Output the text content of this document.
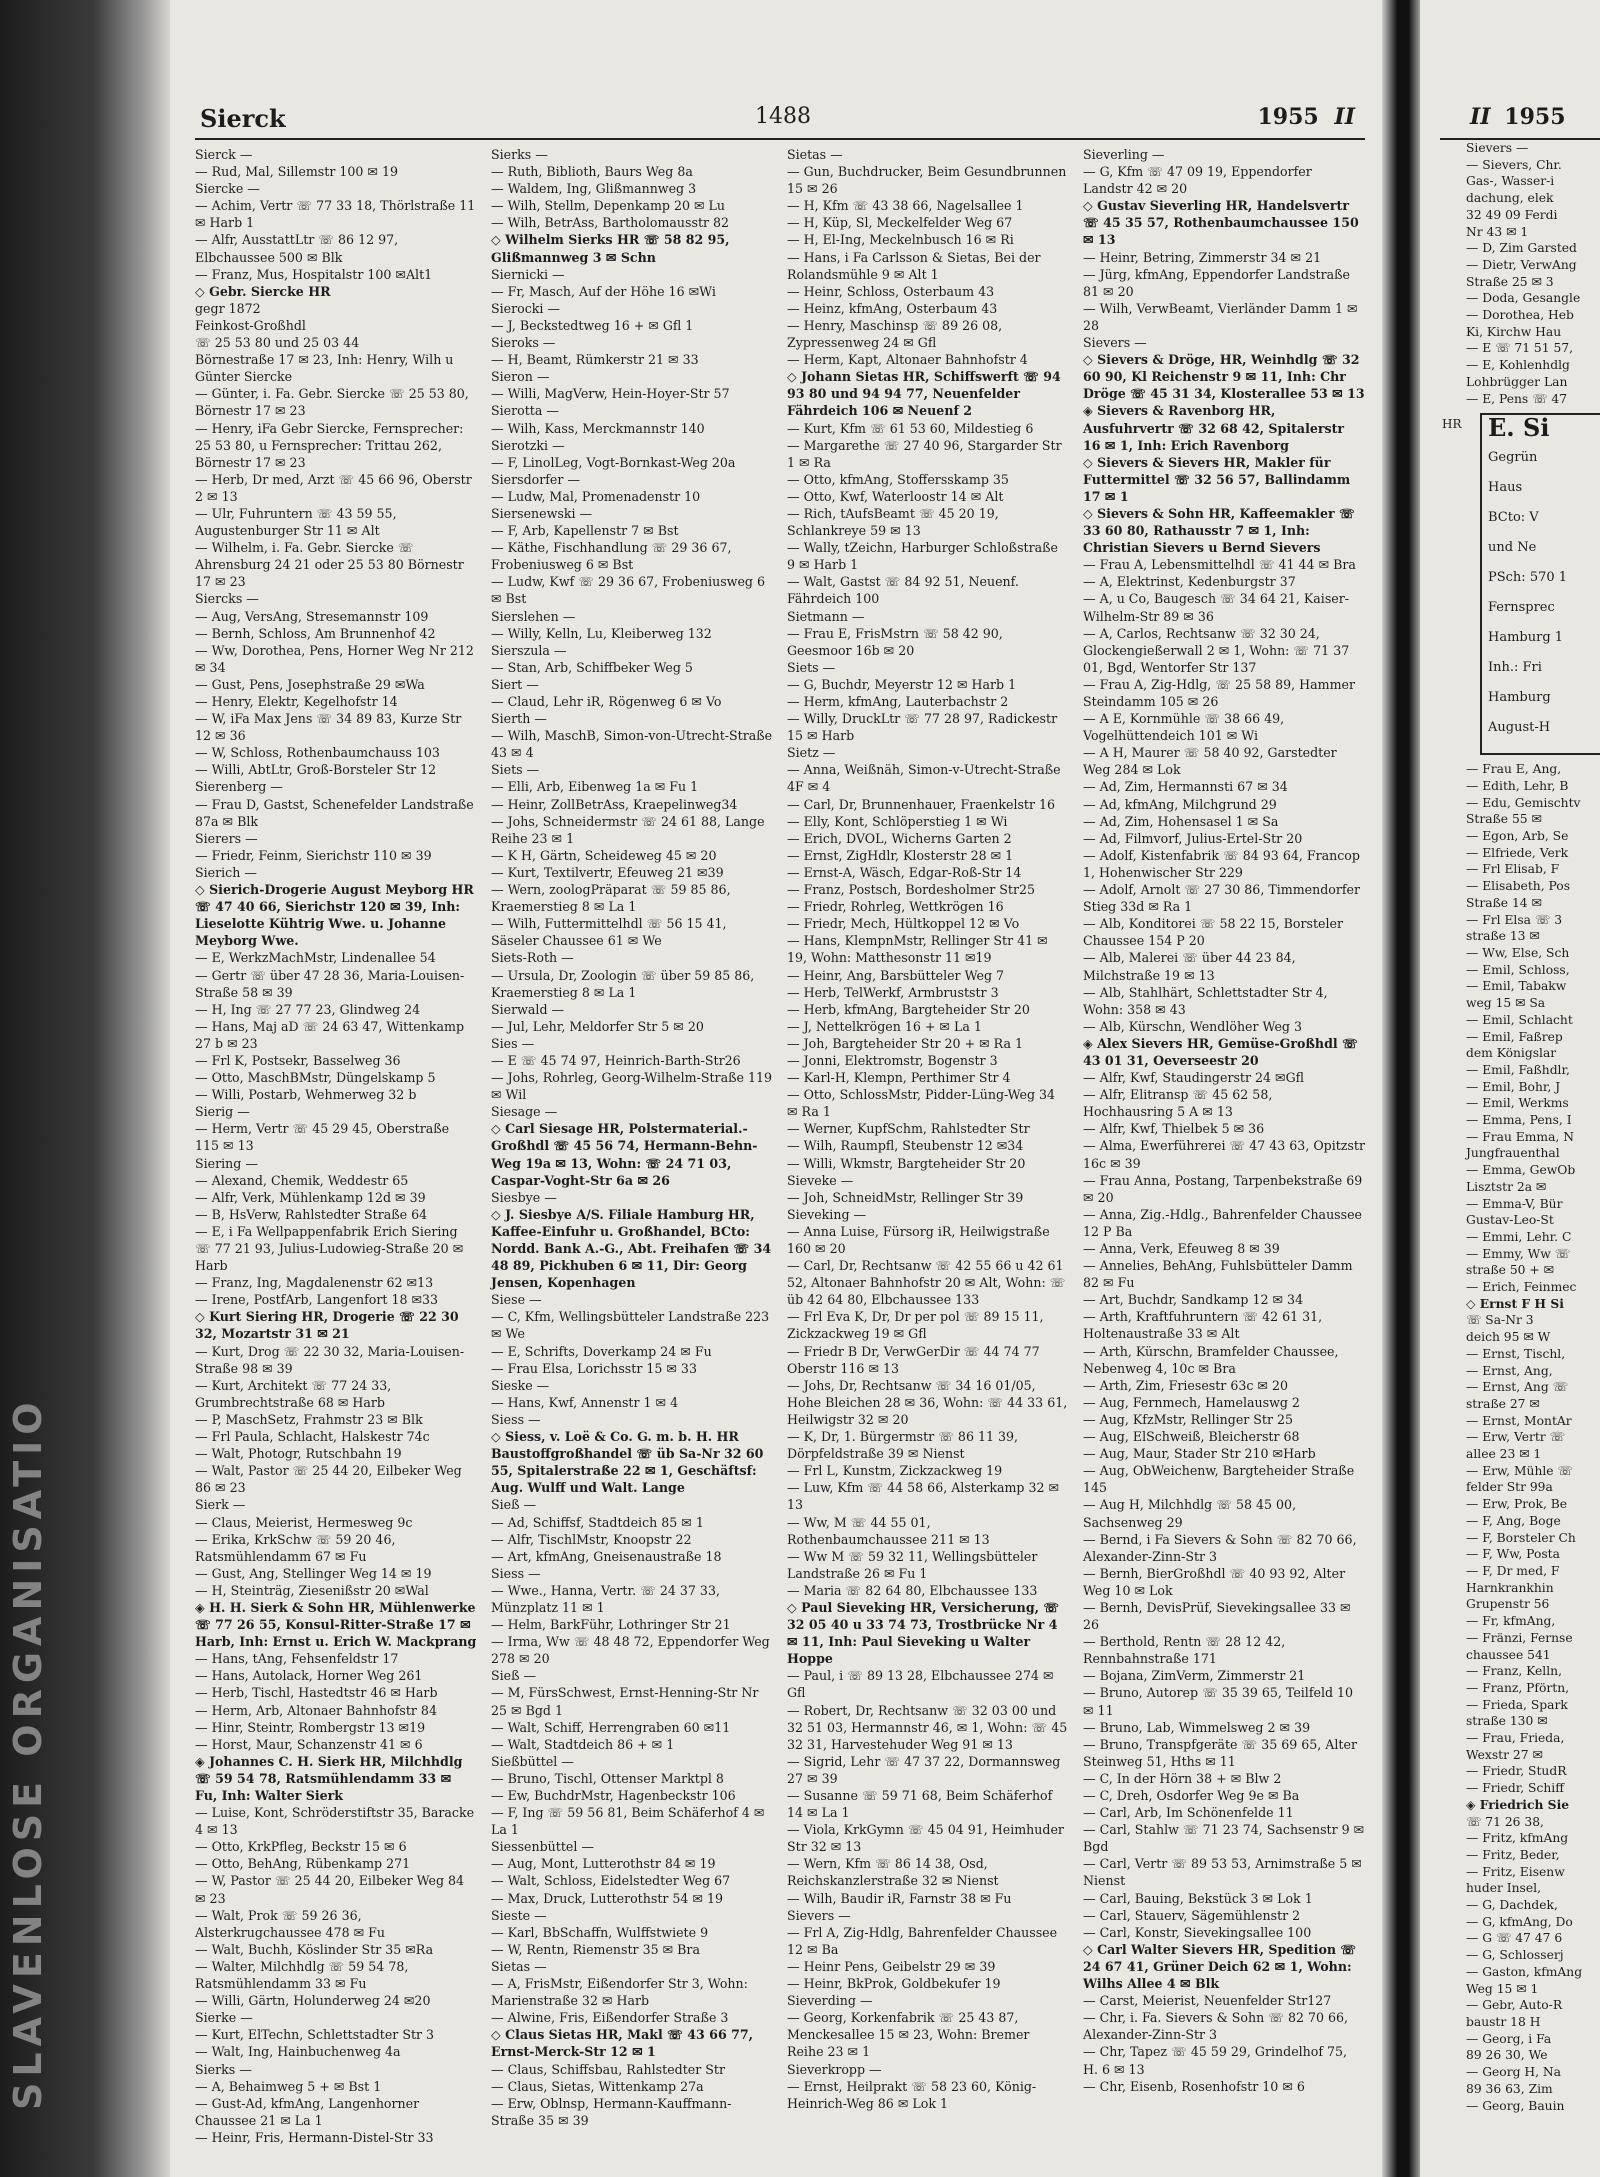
SLAVENLOSE ORGANISATIO
Sierck	1488	1955 II

Sierck —

— Rud, Mal, Sillemstr 100 ✉ 19

Siercke —

— Achim, Vertr ☏ 77 33 18, Thörlstraße 11 ✉ Harb 1

— Alfr, AusstattLtr ☏ 86 12 97, Elbchaussee 500 ✉ Blk

— Franz, Mus, Hospitalstr 100 ✉Alt1

◇ Gebr. Siercke HR

gegr 1872

Feinkost-Großhdl

☏ 25 53 80 und 25 03 44

Börnestraße 17 ✉ 23, Inh: Henry, Wilh u Günter Siercke

— Günter, i. Fa. Gebr. Siercke ☏ 25 53 80, Börnestr 17 ✉ 23

— Henry, iFa Gebr Siercke, Fernsprecher: 25 53 80, u Fernsprecher: Trittau 262, Börnestr 17 ✉ 23

— Herb, Dr med, Arzt ☏ 45 66 96, Oberstr 2 ✉ 13

— Ulr, Fuhruntern ☏ 43 59 55, Augustenburger Str 11 ✉ Alt

— Wilhelm, i. Fa. Gebr. Siercke ☏ Ahrensburg 24 21 oder 25 53 80 Börnestr 17 ✉ 23

Siercks —

— Aug, VersAng, Stresemannstr 109

— Bernh, Schloss, Am Brunnenhof 42

— Ww, Dorothea, Pens, Horner Weg Nr 212 ✉ 34

— Gust, Pens, Josephstraße 29 ✉Wa

— Henry, Elektr, Kegelhofstr 14

— W, iFa Max Jens ☏ 34 89 83, Kurze Str 12 ✉ 36

— W, Schloss, Rothenbaumchauss 103

— Willi, AbtLtr, Groß-Borsteler Str 12

Sierenberg —

— Frau D, Gastst, Schenefelder Landstraße 87a ✉ Blk

Sierers —

— Friedr, Feinm, Sierichstr 110 ✉ 39

Sierich —

◇ Sierich-Drogerie August Meyborg HR ☏ 47 40 66, Sierichstr 120 ✉ 39, Inh: Lieselotte Kühtrig Wwe. u. Johanne Meyborg Wwe.

— E, WerkzMachMstr, Lindenallee 54

— Gertr ☏ über 47 28 36, Maria-Louisen-Straße 58 ✉ 39

— H, Ing ☏ 27 77 23, Glindweg 24

— Hans, Maj aD ☏ 24 63 47, Wittenkamp 27 b ✉ 23

— Frl K, Postsekr, Basselweg 36

— Otto, MaschBMstr, Düngelskamp 5

— Willi, Postarb, Wehmerweg 32 b

Sierig —

— Herm, Vertr ☏ 45 29 45, Oberstraße 115 ✉ 13

Siering —

— Alexand, Chemik, Weddestr 65

— Alfr, Verk, Mühlenkamp 12d ✉ 39

— B, HsVerw, Rahlstedter Straße 64

— E, i Fa Wellpappenfabrik Erich Siering ☏ 77 21 93, Julius-Ludowieg-Straße 20 ✉ Harb

— Franz, Ing, Magdalenenstr 62 ✉13

— Irene, PostfArb, Langenfort 18 ✉33

◇ Kurt Siering HR, Drogerie ☏ 22 30 32, Mozartstr 31 ✉ 21

— Kurt, Drog ☏ 22 30 32, Maria-Louisen-Straße 98 ✉ 39

— Kurt, Architekt ☏ 77 24 33, Grumbrechtstraße 68 ✉ Harb

— P, MaschSetz, Frahmstr 23 ✉ Blk

— Frl Paula, Schlacht, Halskestr 74c

— Walt, Photogr, Rutschbahn 19

— Walt, Pastor ☏ 25 44 20, Eilbeker Weg 86 ✉ 23

Sierk —

— Claus, Meierist, Hermesweg 9c

— Erika, KrkSchw ☏ 59 20 46, Ratsmühlendamm 67 ✉ Fu

— Gust, Ang, Stellinger Weg 14 ✉ 19

— H, Steinträg, Ziesenißstr 20 ✉Wal

◈ H. H. Sierk & Sohn HR, Mühlenwerke ☏ 77 26 55, Konsul-Ritter-Straße 17 ✉ Harb, Inh: Ernst u. Erich W. Mackprang

— Hans, tAng, Fehsenfeldstr 17

— Hans, Autolack, Horner Weg 261

— Herb, Tischl, Hastedtstr 46 ✉ Harb

— Herm, Arb, Altonaer Bahnhofstr 84

— Hinr, Steintr, Rombergstr 13 ✉19

— Horst, Maur, Schanzenstr 41 ✉ 6

◈ Johannes C. H. Sierk HR, Milchhdlg ☏ 59 54 78, Ratsmühlendamm 33 ✉ Fu, Inh: Walter Sierk

— Luise, Kont, Schröderstiftstr 35, Baracke 4 ✉ 13

— Otto, KrkPfleg, Beckstr 15 ✉ 6

— Otto, BehAng, Rübenkamp 271

— W, Pastor ☏ 25 44 20, Eilbeker Weg 84 ✉ 23

— Walt, Prok ☏ 59 26 36, Alsterkrugchaussee 478 ✉ Fu

— Walt, Buchh, Köslinder Str 35 ✉Ra

— Walter, Milchhdlg ☏ 59 54 78, Ratsmühlendamm 33 ✉ Fu

— Willi, Gärtn, Holunderweg 24 ✉20

Sierke —

— Kurt, ElTechn, Schlettstadter Str 3

— Walt, Ing, Hainbuchenweg 4a

Sierks —

— A, Behaimweg 5 + ✉ Bst 1

— Gust-Ad, kfmAng, Langenhorner Chaussee 21 ✉ La 1

— Heinr, Fris, Hermann-Distel-Str 33

Sierks —

— Ruth, Biblioth, Baurs Weg 8a

— Waldem, Ing, Glißmannweg 3

— Wilh, Stellm, Depenkamp 20 ✉ Lu

— Wilh, BetrAss, Bartholomausstr 82

◇ Wilhelm Sierks HR ☏ 58 82 95, Glißmannweg 3 ✉ Schn

Siernicki —

— Fr, Masch, Auf der Höhe 16 ✉Wi

Sierocki —

— J, Beckstedtweg 16 + ✉ Gfl 1

Sieroks —

— H, Beamt, Rümkerstr 21 ✉ 33

Sieron —

— Willi, MagVerw, Hein-Hoyer-Str 57

Sierotta —

— Wilh, Kass, Merckmannstr 140

Sierotzki —

— F, LinolLeg, Vogt-Bornkast-Weg 20a

Siersdorfer —

— Ludw, Mal, Promenadenstr 10

Siersenewski —

— F, Arb, Kapellenstr 7 ✉ Bst

— Käthe, Fischhandlung ☏ 29 36 67, Frobeniusweg 6 ✉ Bst

— Ludw, Kwf ☏ 29 36 67, Frobeniusweg 6 ✉ Bst

Sierslehen —

— Willy, Kelln, Lu, Kleiberweg 132

Sierszula —

— Stan, Arb, Schiffbeker Weg 5

Siert —

— Claud, Lehr iR, Rögenweg 6 ✉ Vo

Sierth —

— Wilh, MaschB, Simon-von-Utrecht-Straße 43 ✉ 4

Siets —

— Elli, Arb, Eibenweg 1a ✉ Fu 1

— Heinr, ZollBetrAss, Kraepelinweg34

— Johs, Schneidermstr ☏ 24 61 88, Lange Reihe 23 ✉ 1

— K H, Gärtn, Scheideweg 45 ✉ 20

— Kurt, Textilvertr, Efeuweg 21 ✉39

— Wern, zoologPräparat ☏ 59 85 86, Kraemerstieg 8 ✉ La 1

— Wilh, Futtermittelhdl ☏ 56 15 41, Säseler Chaussee 61 ✉ We

Siets-Roth —

— Ursula, Dr, Zoologin ☏ über 59 85 86, Kraemerstieg 8 ✉ La 1

Sierwald —

— Jul, Lehr, Meldorfer Str 5 ✉ 20

Sies —

— E ☏ 45 74 97, Heinrich-Barth-Str26

— Johs, Rohrleg, Georg-Wilhelm-Straße 119 ✉ Wil

Siesage —

◇ Carl Siesage HR, Polstermaterial.-Großhdl ☏ 45 56 74, Hermann-Behn-Weg 19a ✉ 13, Wohn: ☏ 24 71 03, Caspar-Voght-Str 6a ✉ 26

Siesbye —

◇ J. Siesbye A/S. Filiale Hamburg HR, Kaffee-Einfuhr u. Großhandel, BCto: Nordd. Bank A.-G., Abt. Freihafen ☏ 34 48 89, Pickhuben 6 ✉ 11, Dir: Georg Jensen, Kopenhagen

Siese —

— C, Kfm, Wellingsbütteler Landstraße 223 ✉ We

— E, Schrifts, Doverkamp 24 ✉ Fu

— Frau Elsa, Lorichsstr 15 ✉ 33

Sieske —

— Hans, Kwf, Annenstr 1 ✉ 4

Siess —

◇ Siess, v. Loë & Co. G. m. b. H. HR Baustoffgroßhandel ☏ üb Sa-Nr 32 60 55, Spitalerstraße 22 ✉ 1, Geschäftsf: Aug. Wulff und Walt. Lange

Sieß —

— Ad, Schiffsf, Stadtdeich 85 ✉ 1

— Alfr, TischlMstr, Knoopstr 22

— Art, kfmAng, Gneisenaustraße 18

Siess —

— Wwe., Hanna, Vertr. ☏ 24 37 33, Münzplatz 11 ✉ 1

— Helm, BarkFühr, Lothringer Str 21

— Irma, Ww ☏ 48 48 72, Eppendorfer Weg 278 ✉ 20

Sieß —

— M, FürsSchwest, Ernst-Henning-Str Nr 25 ✉ Bgd 1

— Walt, Schiff, Herrengraben 60 ✉11

— Walt, Stadtdeich 86 + ✉ 1

Sießbüttel —

— Bruno, Tischl, Ottenser Marktpl 8

— Ew, BuchdrMstr, Hagenbeckstr 106

— F, Ing ☏ 59 56 81, Beim Schäferhof 4 ✉ La 1

Siessenbüttel —

— Aug, Mont, Lutterothstr 84 ✉ 19

— Walt, Schloss, Eidelstedter Weg 67

— Max, Druck, Lutterothstr 54 ✉ 19

Sieste —

— Karl, BbSchaffn, Wulffstwiete 9

— W, Rentn, Riemenstr 35 ✉ Bra

Sietas —

— A, FrisMstr, Eißendorfer Str 3, Wohn: Marienstraße 32 ✉ Harb

— Alwine, Fris, Eißendorfer Straße 3

◇ Claus Sietas HR, Makl ☏ 43 66 77, Ernst-Merck-Str 12 ✉ 1

— Claus, Schiffsbau, Rahlstedter Str

— Claus, Sietas, Wittenkamp 27a

— Erw, Oblnsp, Hermann-Kauffmann-Straße 35 ✉ 39

Sietas —

— Gun, Buchdrucker, Beim Gesundbrunnen 15 ✉ 26

— H, Kfm ☏ 43 38 66, Nagelsallee 1

— H, Küp, Sl, Meckelfelder Weg 67

— H, El-Ing, Meckelnbusch 16 ✉ Ri

— Hans, i Fa Carlsson & Sietas, Bei der Rolandsmühle 9 ✉ Alt 1

— Heinr, Schloss, Osterbaum 43

— Heinz, kfmAng, Osterbaum 43

— Henry, Maschinsp ☏ 89 26 08, Zypressenweg 24 ✉ Gfl

— Herm, Kapt, Altonaer Bahnhofstr 4

◇ Johann Sietas HR, Schiffswerft ☏ 94 93 80 und 94 94 77, Neuenfelder Fährdeich 106 ✉ Neuenf 2

— Kurt, Kfm ☏ 61 53 60, Mildestieg 6

— Margarethe ☏ 27 40 96, Stargarder Str 1 ✉ Ra

— Otto, kfmAng, Stoffersskamp 35

— Otto, Kwf, Waterloostr 14 ✉ Alt

— Rich, tAufsBeamt ☏ 45 20 19, Schlankreye 59 ✉ 13

— Wally, tZeichn, Harburger Schloßstraße 9 ✉ Harb 1

— Walt, Gastst ☏ 84 92 51, Neuenf. Fährdeich 100

Sietmann —

— Frau E, FrisMstrn ☏ 58 42 90, Geesmoor 16b ✉ 20

Siets —

— G, Buchdr, Meyerstr 12 ✉ Harb 1

— Herm, kfmAng, Lauterbachstr 2

— Willy, DruckLtr ☏ 77 28 97, Radickestr 15 ✉ Harb

Sietz —

— Anna, Weißnäh, Simon-v-Utrecht-Straße 4F ✉ 4

— Carl, Dr, Brunnenhauer, Fraenkelstr 16

— Elly, Kont, Schlöperstieg 1 ✉ Wi

— Erich, DVOL, Wicherns Garten 2

— Ernst, ZigHdlr, Klosterstr 28 ✉ 1

— Ernst-A, Wäsch, Edgar-Roß-Str 14

— Franz, Postsch, Bordesholmer Str25

— Friedr, Rohrleg, Wettkrögen 16

— Friedr, Mech, Hültkoppel 12 ✉ Vo

— Hans, KlempnMstr, Rellinger Str 41 ✉ 19, Wohn: Matthesonstr 11 ✉19

— Heinr, Ang, Barsbütteler Weg 7

— Herb, TelWerkf, Armbruststr 3

— Herb, kfmAng, Bargteheider Str 20

— J, Nettelkrögen 16 + ✉ La 1

— Joh, Bargteheider Str 20 + ✉ Ra 1

— Jonni, Elektromstr, Bogenstr 3

— Karl-H, Klempn, Perthimer Str 4

— Otto, SchlossMstr, Pidder-Lüng-Weg 34 ✉ Ra 1

— Werner, KupfSchm, Rahlstedter Str

— Wilh, Raumpfl, Steubenstr 12 ✉34

— Willi, Wkmstr, Bargteheider Str 20

Sieveke —

— Joh, SchneidMstr, Rellinger Str 39

Sieveking —

— Anna Luise, Fürsorg iR, Heilwigstraße 160 ✉ 20

— Carl, Dr, Rechtsanw ☏ 42 55 66 u 42 61 52, Altonaer Bahnhofstr 20 ✉ Alt, Wohn: ☏ üb 42 64 80, Elbchaussee 133

— Frl Eva K, Dr, Dr per pol ☏ 89 15 11, Zickzackweg 19 ✉ Gfl

— Friedr B Dr, VerwGerDir ☏ 44 74 77 Oberstr 116 ✉ 13

— Johs, Dr, Rechtsanw ☏ 34 16 01/05, Hohe Bleichen 28 ✉ 36, Wohn: ☏ 44 33 61, Heilwigstr 32 ✉ 20

— K, Dr, 1. Bürgermstr ☏ 86 11 39, Dörpfeldstraße 39 ✉ Nienst

— Frl L, Kunstm, Zickzackweg 19

— Luw, Kfm ☏ 44 58 66, Alsterkamp 32 ✉ 13

— Ww, M ☏ 44 55 01, Rothenbaumchaussee 211 ✉ 13

— Ww M ☏ 59 32 11, Wellingsbütteler Landstraße 26 ✉ Fu 1

— Maria ☏ 82 64 80, Elbchaussee 133

◇ Paul Sieveking HR, Versicherung, ☏ 32 05 40 u 33 74 73, Trostbrücke Nr 4 ✉ 11, Inh: Paul Sieveking u Walter Hoppe

— Paul, i ☏ 89 13 28, Elbchaussee 274 ✉ Gfl

— Robert, Dr, Rechtsanw ☏ 32 03 00 und 32 51 03, Hermannstr 46, ✉ 1, Wohn: ☏ 45 32 31, Harvestehuder Weg 91 ✉ 13

— Sigrid, Lehr ☏ 47 37 22, Dormannsweg 27 ✉ 39

— Susanne ☏ 59 71 68, Beim Schäferhof 14 ✉ La 1

— Viola, KrkGymn ☏ 45 04 91, Heimhuder Str 32 ✉ 13

— Wern, Kfm ☏ 86 14 38, Osd, Reichskanzlerstraße 32 ✉ Nienst

— Wilh, Baudir iR, Farnstr 38 ✉ Fu

Sievers —

— Frl A, Zig-Hdlg, Bahrenfelder Chaussee 12 ✉ Ba

— Heinr Pens, Geibelstr 29 ✉ 39

— Heinr, BkProk, Goldbekufer 19

Sieverding —

— Georg, Korkenfabrik ☏ 25 43 87, Menckesallee 15 ✉ 23, Wohn: Bremer Reihe 23 ✉ 1

Sieverkropp —

— Ernst, Heilprakt ☏ 58 23 60, König-Heinrich-Weg 86 ✉ Lok 1

Sieverling —

— G, Kfm ☏ 47 09 19, Eppendorfer Landstr 42 ✉ 20

◇ Gustav Sieverling HR, Handelsvertr ☏ 45 35 57, Rothenbaumchaussee 150 ✉ 13

— Heinr, Betring, Zimmerstr 34 ✉ 21

— Jürg, kfmAng, Eppendorfer Landstraße 81 ✉ 20

— Wilh, VerwBeamt, Vierländer Damm 1 ✉ 28

Sievers —

◇ Sievers & Dröge, HR, Weinhdlg ☏ 32 60 90, Kl Reichenstr 9 ✉ 11, Inh: Chr Dröge ☏ 45 31 34, Klosterallee 53 ✉ 13

◈ Sievers & Ravenborg HR, Ausfuhrvertr ☏ 32 68 42, Spitalerstr 16 ✉ 1, Inh: Erich Ravenborg

◇ Sievers & Sievers HR, Makler für Futtermittel ☏ 32 56 57, Ballindamm 17 ✉ 1

◇ Sievers & Sohn HR, Kaffeemakler ☏ 33 60 80, Rathausstr 7 ✉ 1, Inh: Christian Sievers u Bernd Sievers

— Frau A, Lebensmittelhdl ☏ 41 44 ✉ Bra

— A, Elektrinst, Kedenburgstr 37

— A, u Co, Baugesch ☏ 34 64 21, Kaiser-Wilhelm-Str 89 ✉ 36

— A, Carlos, Rechtsanw ☏ 32 30 24, Glockengießerwall 2 ✉ 1, Wohn: ☏ 71 37 01, Bgd, Wentorfer Str 137

— Frau A, Zig-Hdlg, ☏ 25 58 89, Hammer Steindamm 105 ✉ 26

— A E, Kornmühle ☏ 38 66 49, Vogelhüttendeich 101 ✉ Wi

— A H, Maurer ☏ 58 40 92, Garstedter Weg 284 ✉ Lok

— Ad, Zim, Hermannsti 67 ✉ 34

— Ad, kfmAng, Milchgrund 29

— Ad, Zim, Hohensasel 1 ✉ Sa

— Ad, Filmvorf, Julius-Ertel-Str 20

— Adolf, Kistenfabrik ☏ 84 93 64, Francop 1, Hohenwischer Str 229

— Adolf, Arnolt ☏ 27 30 86, Timmendorfer Stieg 33d ✉ Ra 1

— Alb, Konditorei ☏ 58 22 15, Borsteler Chaussee 154 P 20

— Alb, Malerei ☏ über 44 23 84, Milchstraße 19 ✉ 13

— Alb, Stahlhärt, Schlettstadter Str 4, Wohn: 358 ✉ 43

— Alb, Kürschn, Wendlöher Weg 3

◈ Alex Sievers HR, Gemüse-Großhdl ☏ 43 01 31, Oeverseestr 20

— Alfr, Kwf, Staudingerstr 24 ✉Gfl

— Alfr, Elitransp ☏ 45 62 58, Hochhausring 5 A ✉ 13

— Alfr, Kwf, Thielbek 5 ✉ 36

— Alma, Ewerführerei ☏ 47 43 63, Opitzstr 16c ✉ 39

— Frau Anna, Postang, Tarpenbekstraße 69 ✉ 20

— Anna, Zig.-Hdlg., Bahrenfelder Chaussee 12 P Ba

— Anna, Verk, Efeuweg 8 ✉ 39

— Annelies, BehAng, Fuhlsbütteler Damm 82 ✉ Fu

— Art, Buchdr, Sandkamp 12 ✉ 34

— Arth, Kraftfuhruntern ☏ 42 61 31, Holtenaustraße 33 ✉ Alt

— Arth, Kürschn, Bramfelder Chaussee, Nebenweg 4, 10c ✉ Bra

— Arth, Zim, Friesestr 63c ✉ 20

— Aug, Fernmech, Hamelauswg 2

— Aug, KfzMstr, Rellinger Str 25

— Aug, ElSchweiß, Bleicherstr 68

— Aug, Maur, Stader Str 210 ✉Harb

— Aug, ObWeichenw, Bargteheider Straße 145

— Aug H, Milchhdlg ☏ 58 45 00, Sachsenweg 29

— Bernd, i Fa Sievers & Sohn ☏ 82 70 66, Alexander-Zinn-Str 3

— Bernh, BierGroßhdl ☏ 40 93 92, Alter Weg 10 ✉ Lok

— Bernh, DevisPrüf, Sievekingsallee 33 ✉ 26

— Berthold, Rentn ☏ 28 12 42, Rennbahnstraße 171

— Bojana, ZimVerm, Zimmerstr 21

— Bruno, Autorep ☏ 35 39 65, Teilfeld 10 ✉ 11

— Bruno, Lab, Wimmelsweg 2 ✉ 39

— Bruno, Transpfgeräte ☏ 35 69 65, Alter Steinweg 51, Hths ✉ 11

— C, In der Hörn 38 + ✉ Blw 2

— C, Dreh, Osdorfer Weg 9e ✉ Ba

— Carl, Arb, Im Schönenfelde 11

— Carl, Stahlw ☏ 71 23 74, Sachsenstr 9 ✉ Bgd

— Carl, Vertr ☏ 89 53 53, Arnimstraße 5 ✉ Nienst

— Carl, Bauing, Bekstück 3 ✉ Lok 1

— Carl, Stauerv, Sägemühlenstr 2

— Carl, Konstr, Sievekingsallee 100

◇ Carl Walter Sievers HR, Spedition ☏ 24 67 41, Grüner Deich 62 ✉ 1, Wohn: Wilhs Allee 4 ✉ Blk

— Carst, Meierist, Neuenfelder Str127

— Chr, i. Fa. Sievers & Sohn ☏ 82 70 66, Alexander-Zinn-Str 3

— Chr, Tapez ☏ 45 59 29, Grindelhof 75, H. 6 ✉ 13

— Chr, Eisenb, Rosenhofstr 10 ✉ 6

II 1955

Sievers —

— Sievers, Chr.

Gas-, Wasser-i

dachung, elek

32 49 09 Ferdi

Nr 43 ✉ 1

— D, Zim Garsted

— Dietr, VerwAng

Straße 25 ✉ 3

— Doda, Gesangle

— Dorothea, Heb

Ki, Kirchw Hau

— E ☏ 71 51 57,

— E, Kohlenhdlg

Lohbrügger Lan

— E, Pens ☏ 47

HR E. Si

Gegrün

Haus

BCto: V

und Ne

PSch: 570 1

Fernsprec

Hamburg 1

Inh.: Fri

Hamburg

August-H

— Frau E, Ang,

— Edith, Lehr, B

— Edu, Gemischtv

Straße 55 ✉

— Egon, Arb, Se

— Elfriede, Verk

— Frl Elisab, F

— Elisabeth, Pos

Straße 14 ✉

— Frl Elsa ☏ 3

straße 13 ✉

— Ww, Else, Sch

— Emil, Schloss,

— Emil, Tabakw

weg 15 ✉ Sa

— Emil, Schlacht

— Emil, Faßrep

dem Königslar

— Emil, Faßhdlr,

— Emil, Bohr, J

— Emil, Werkms

— Emma, Pens, I

— Frau Emma, N

Jungfrauenthal

— Emma, GewOb

Lisztstr 2a ✉

— Emma-V, Bür

Gustav-Leo-St

— Emmi, Lehr. C

— Emmy, Ww ☏

straße 50 + ✉

— Erich, Feinmec

◇ Ernst F H Si

☏ Sa-Nr 3

deich 95 ✉ W

— Ernst, Tischl,

— Ernst, Ang,

— Ernst, Ang ☏

straße 27 ✉

— Ernst, MontAr

— Erw, Vertr ☏

allee 23 ✉ 1

— Erw, Mühle ☏

felder Str 99a

— Erw, Prok, Be

— F, Ang, Boge

— F, Borsteler Ch

— F, Ww, Posta

— F, Dr med, F

Harnkrankhin

Grupenstr 56

— Fr, kfmAng,

— Fränzi, Fernse

chaussee 541

— Franz, Kelln,

— Franz, Pförtn,

— Frieda, Spark

straße 130 ✉

— Frau, Frieda,

Wexstr 27 ✉

— Friedr, StudR

— Friedr, Schiff

◈ Friedrich Sie

☏ 71 26 38,

— Fritz, kfmAng

— Fritz, Beder,

— Fritz, Eisenw

huder Insel,

— G, Dachdek,

— G, kfmAng, Do

— G ☏ 47 47 6

— G, Schlosserj

— Gaston, kfmAng

Weg 15 ✉ 1

— Gebr, Auto-R

baustr 18 H

— Georg, i Fa

89 26 30, We

— Georg H, Na

89 36 63, Zim

— Georg, Bauin
